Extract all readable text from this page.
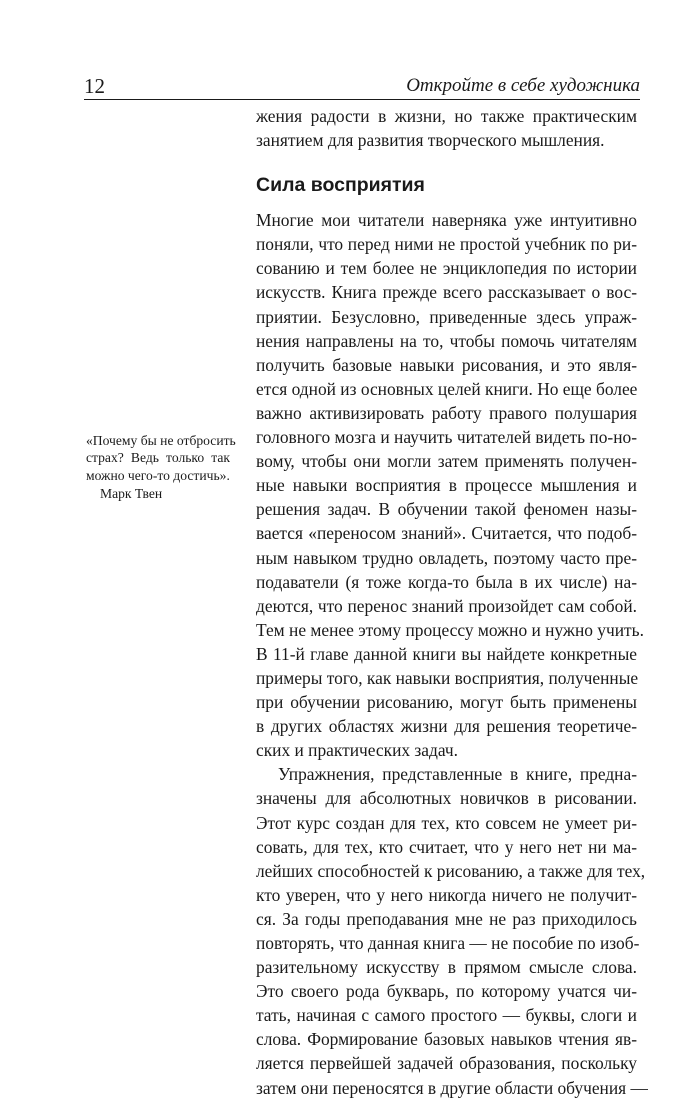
12	Откройте в себе художника
жения радости в жизни, но также практическим
занятием для развития творческого мышления.
Сила восприятия
Многие мои читатели наверняка уже интуитивно
поняли, что перед ними не простой учебник по ри-
сованию и тем более не энциклопедия по истории
искусств. Книга прежде всего рассказывает о вос-
приятии. Безусловно, приведенные здесь упраж-
нения направлены на то, чтобы помочь читателям
получить базовые навыки рисования, и это явля-
ется одной из основных целей книги. Но еще более
важно активизировать работу правого полушария
головного мозга и научить читателей видеть по-но-
вому, чтобы они могли затем применять получен-
ные навыки восприятия в процессе мышления и
решения задач. В обучении такой феномен назы-
вается «переносом знаний». Считается, что подоб-
ным навыком трудно овладеть, поэтому часто пре-
подаватели (я тоже когда-то была в их числе) на-
деются, что перенос знаний произойдет сам собой.
Тем не менее этому процессу можно и нужно учить.
В 11-й главе данной книги вы найдете конкретные
примеры того, как навыки восприятия, полученные
при обучении рисованию, могут быть применены
в других областях жизни для решения теоретиче-
ских и практических задач.
Упражнения, представленные в книге, предна-
значены для абсолютных новичков в рисовании.
Этот курс создан для тех, кто совсем не умеет ри-
совать, для тех, кто считает, что у него нет ни ма-
лейших способностей к рисованию, а также для тех,
кто уверен, что у него никогда ничего не получит-
ся. За годы преподавания мне не раз приходилось
повторять, что данная книга — не пособие по изоб-
разительному искусству в прямом смысле слова.
Это своего рода букварь, по которому учатся чи-
тать, начиная с самого простого — буквы, слоги и
слова. Формирование базовых навыков чтения яв-
ляется первейшей задачей образования, поскольку
затем они переносятся в другие области обучения —
«Почему бы не отбросить
страх? Ведь только так
можно чего-то достичь».
Марк Твен
